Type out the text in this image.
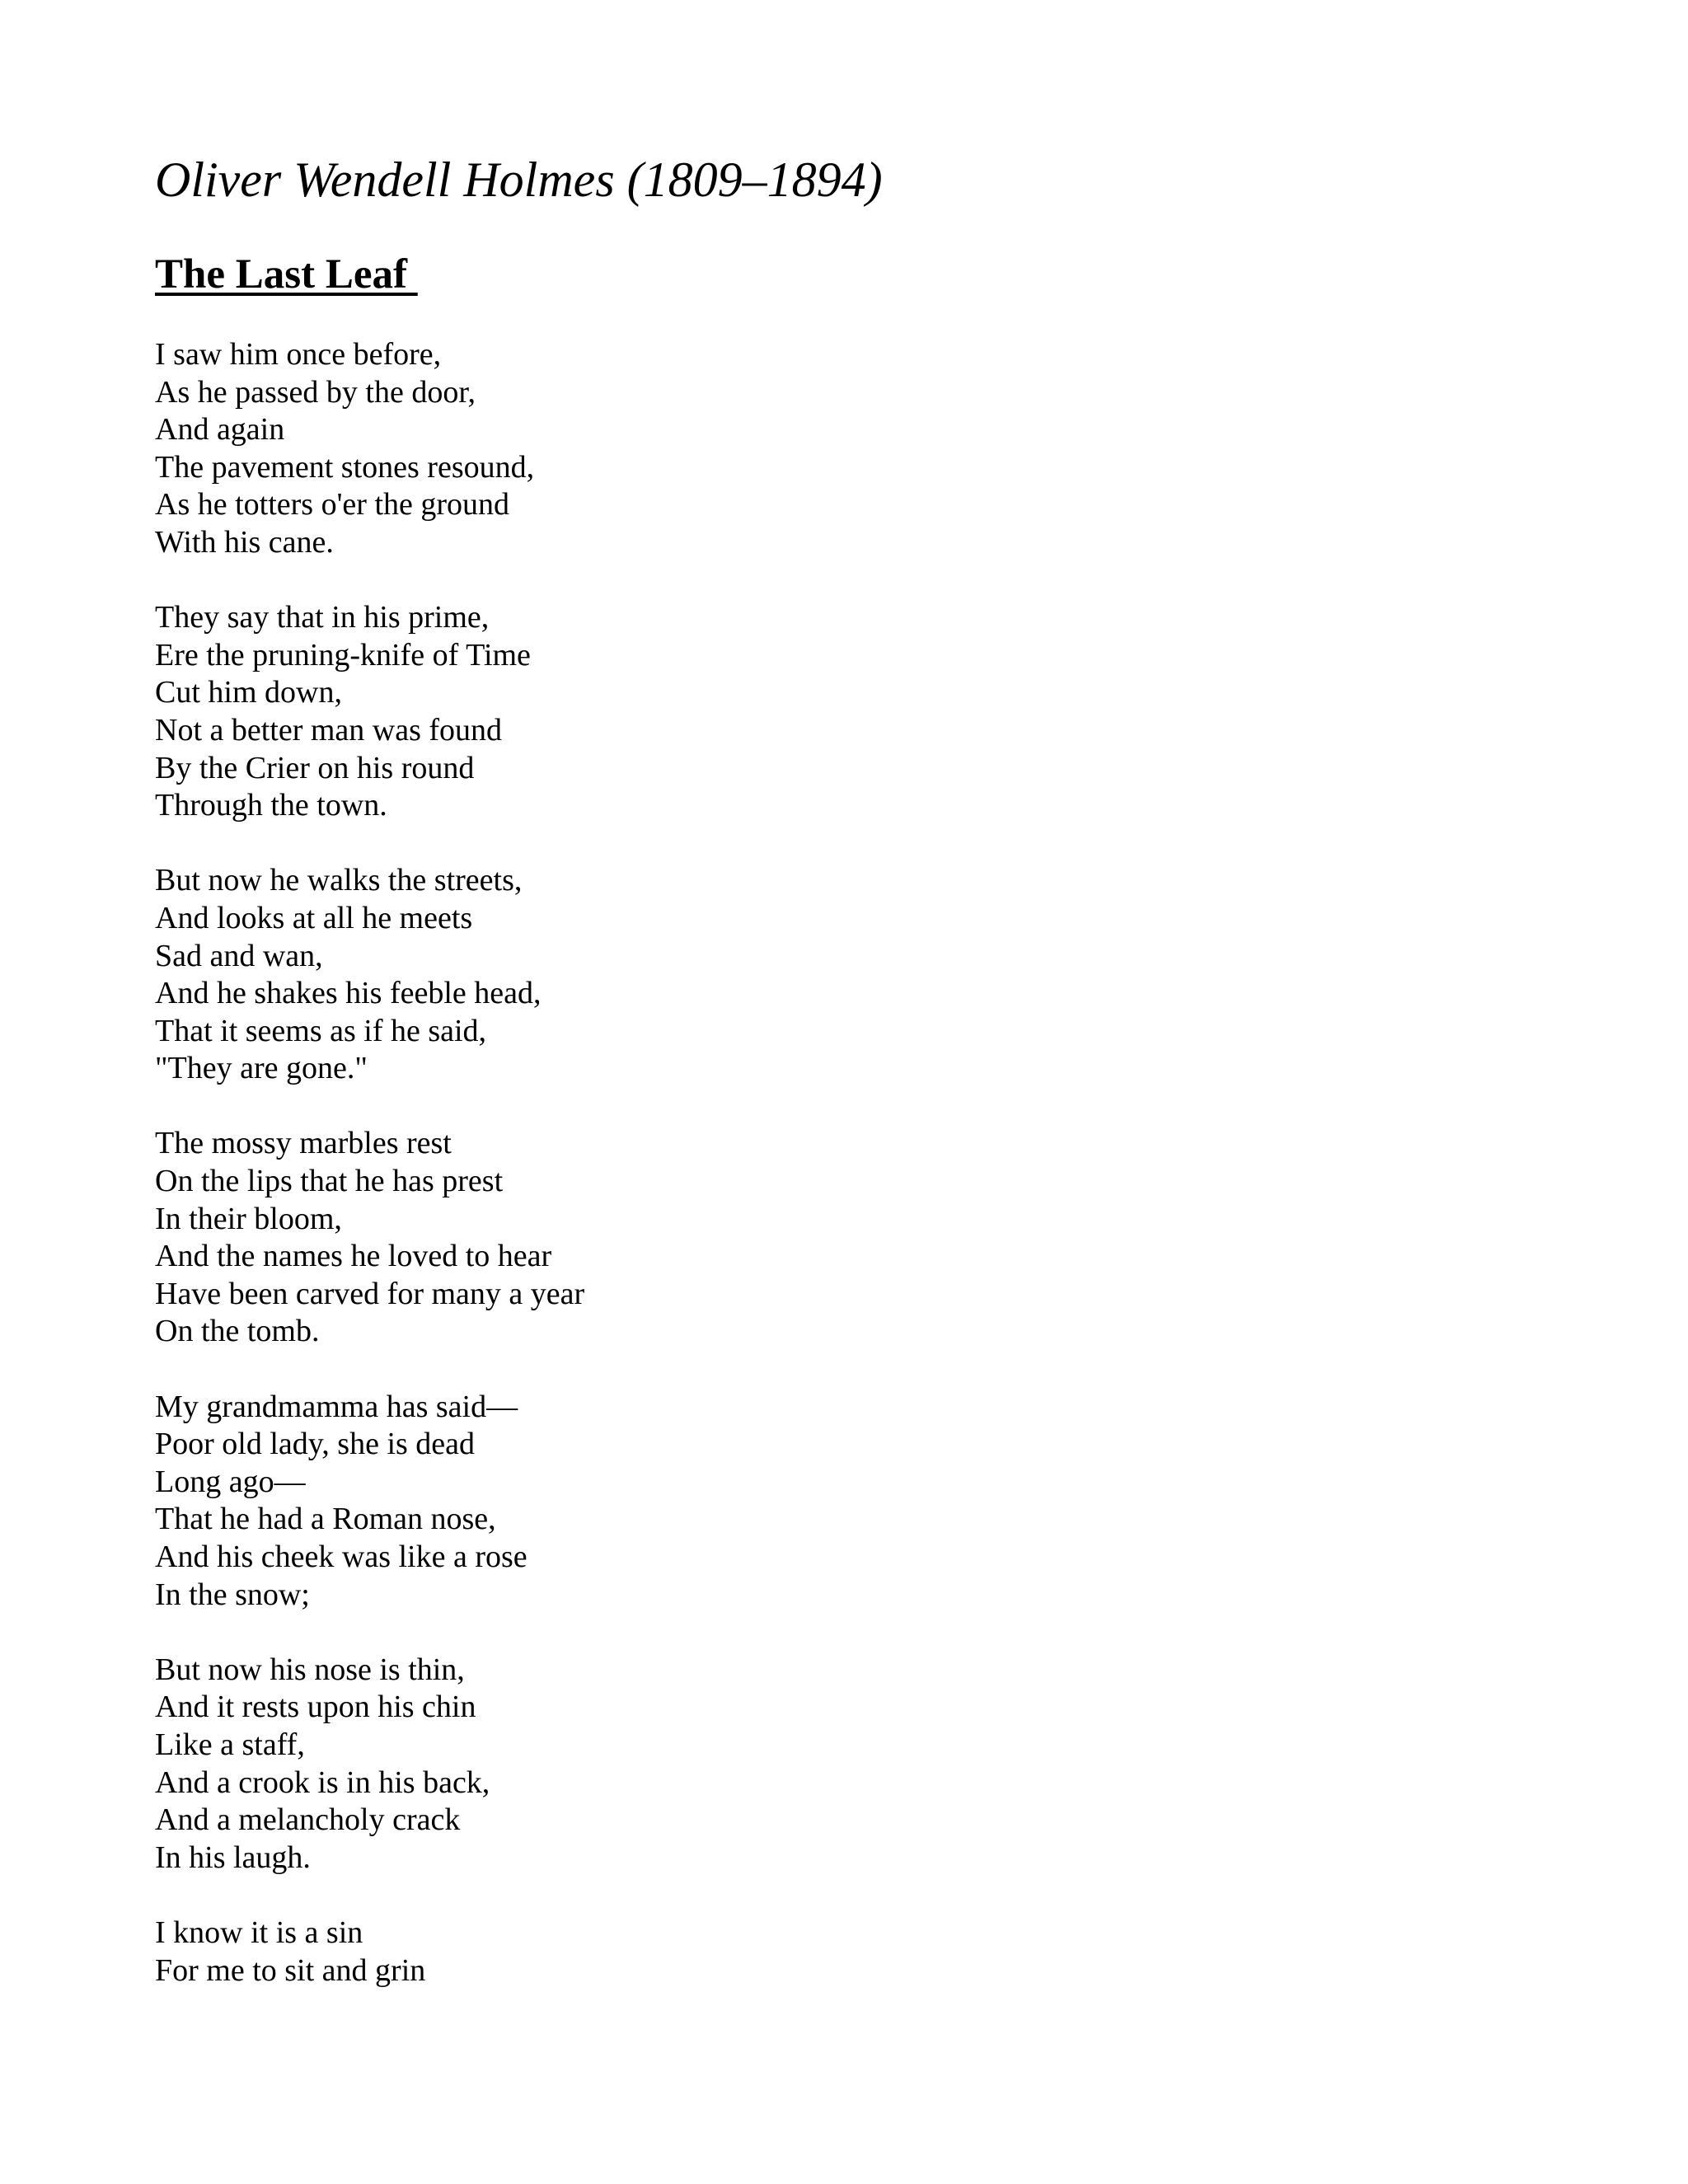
Oliver Wendell Holmes (1809–1894)
The Last Leaf
I saw him once before,
As he passed by the door,
And again
The pavement stones resound,
As he totters o'er the ground
With his cane.
They say that in his prime,
Ere the pruning-knife of Time
Cut him down,
Not a better man was found
By the Crier on his round
Through the town.
But now he walks the streets,
And looks at all he meets
Sad and wan,
And he shakes his feeble head,
That it seems as if he said,
"They are gone."
The mossy marbles rest
On the lips that he has prest
In their bloom,
And the names he loved to hear
Have been carved for many a year
On the tomb.
My grandmamma has said—
Poor old lady, she is dead
Long ago—
That he had a Roman nose,
And his cheek was like a rose
In the snow;
But now his nose is thin,
And it rests upon his chin
Like a staff,
And a crook is in his back,
And a melancholy crack
In his laugh.
I know it is a sin
For me to sit and grin
